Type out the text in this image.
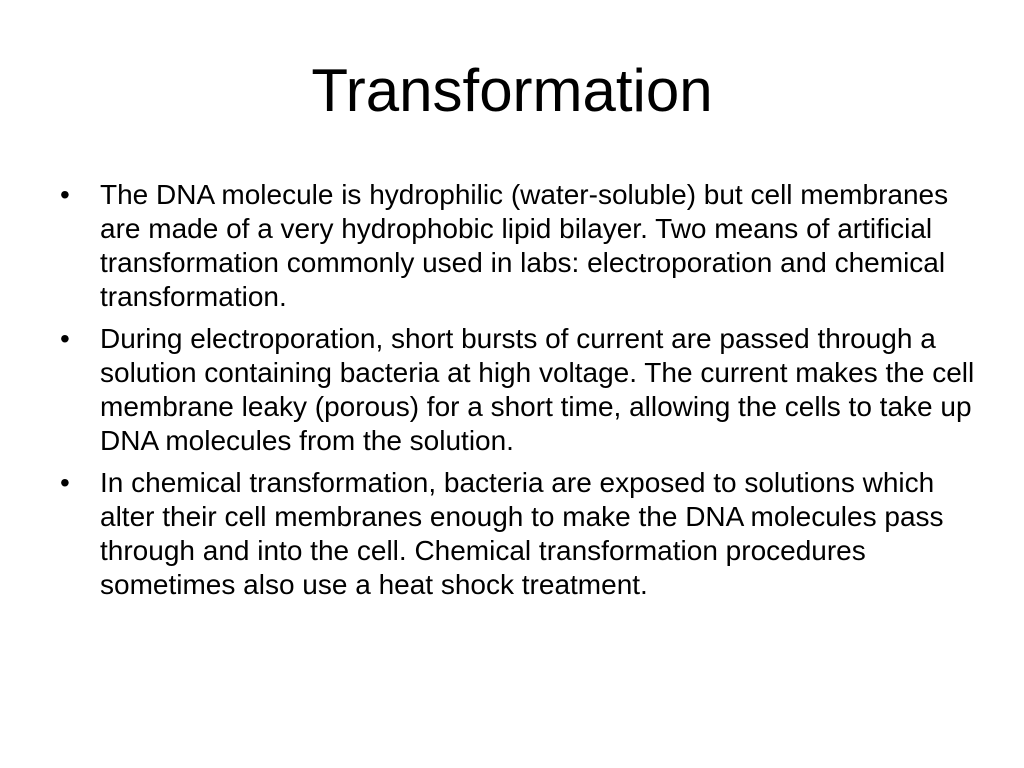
Transformation
•	The DNA molecule is hydrophilic (water-soluble) but cell membranes are made of a very hydrophobic lipid bilayer. Two means of artificial transformation commonly used in labs: electroporation and chemical transformation.
•	During electroporation, short bursts of current are passed through a solution containing bacteria at high voltage. The current makes the cell membrane leaky (porous) for a short time, allowing the cells to take up DNA molecules from the solution.
•	In chemical transformation, bacteria are exposed to solutions which alter their cell membranes enough to make the DNA molecules pass through and into the cell. Chemical transformation procedures sometimes also use a heat shock treatment.
